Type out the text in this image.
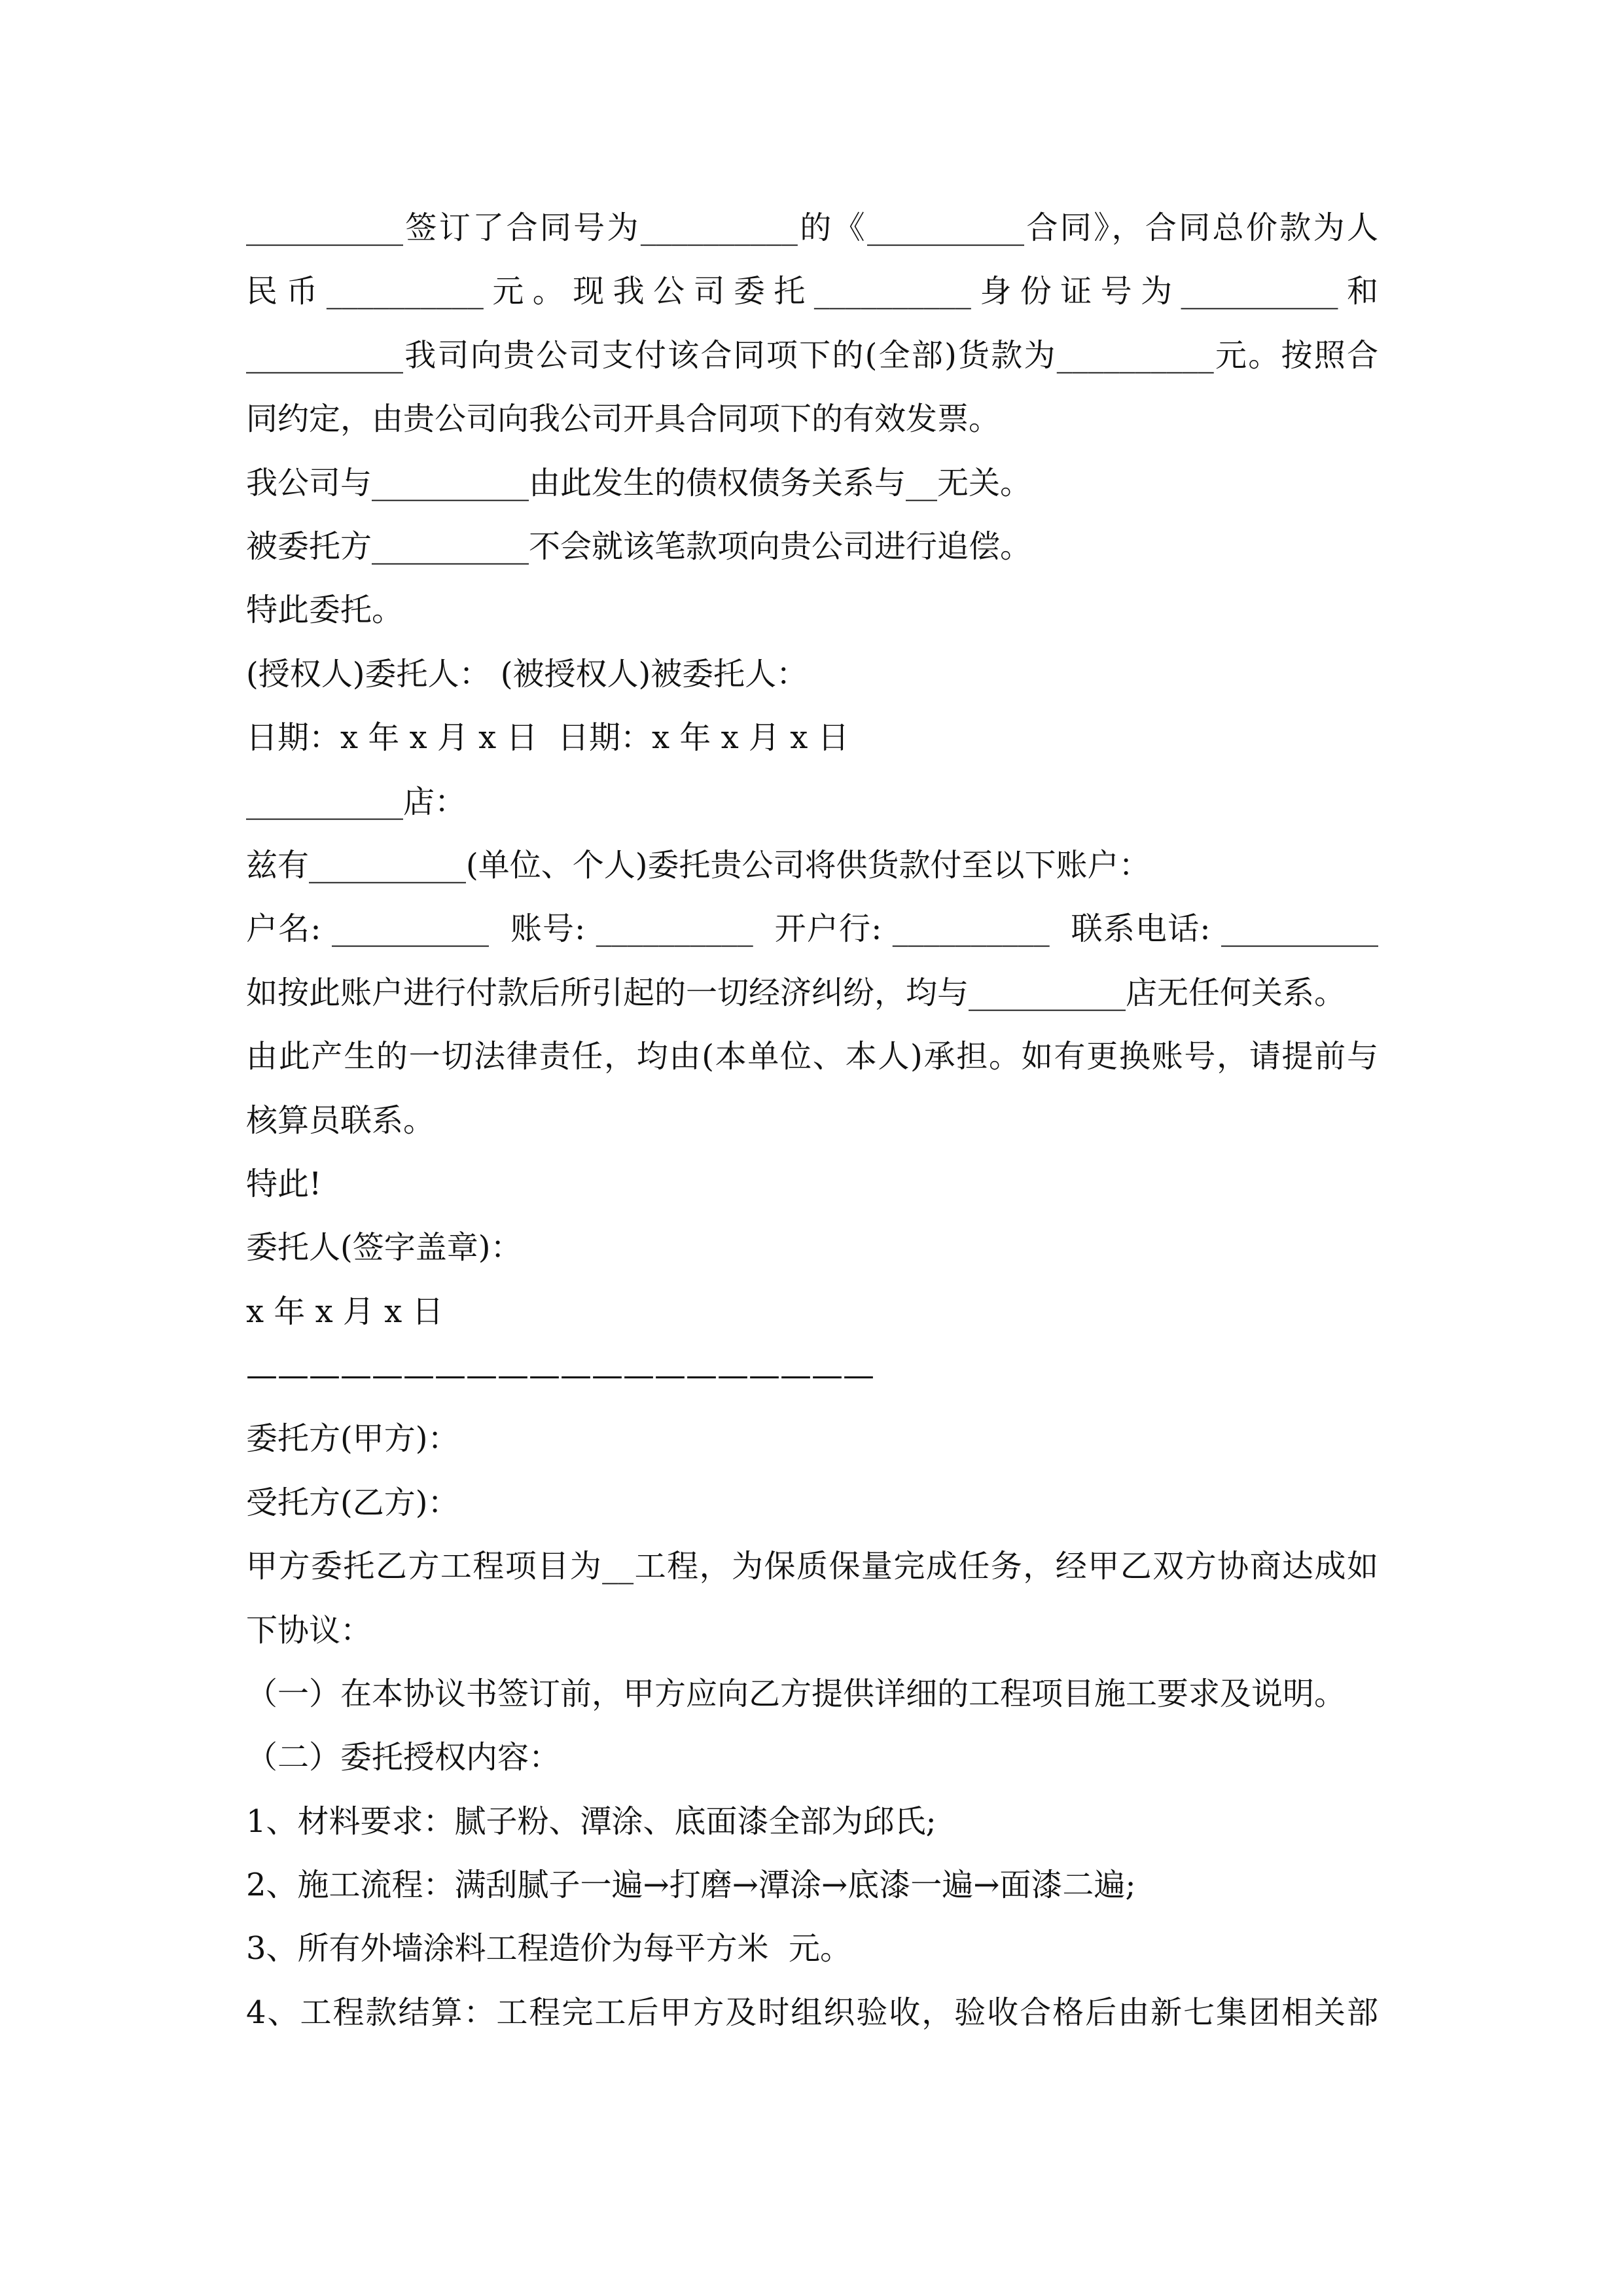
__________签订了合同号为__________的《__________合同》，合同总价款为人
民币__________元。现我公司委托__________身份证号为__________和
__________我司向贵公司支付该合同项下的(全部)货款为__________元。按照合
同约定，由贵公司向我公司开具合同项下的有效发票。
我公司与__________由此发生的债权债务关系与__无关。
被委托方__________不会就该笔款项向贵公司进行追偿。
特此委托。
(授权人)委托人： (被授权人)被委托人：
日期：x 年 x 月 x 日  日期：x 年 x 月 x 日
__________店：
兹有__________(单位、个人)委托贵公司将供货款付至以下账户：
户名: __________  账号: __________  开户行: __________  联系电话: __________
如按此账户进行付款后所引起的一切经济纠纷，均与__________店无任何关系。
由此产生的一切法律责任，均由(本单位、本人)承担。如有更换账号，请提前与
核算员联系。
特此!
委托人(签字盖章)：
x 年 x 月 x 日
————————————————————
委托方(甲方)：
受托方(乙方)：
甲方委托乙方工程项目为__工程，为保质保量完成任务，经甲乙双方协商达成如
下协议：
（一）在本协议书签订前，甲方应向乙方提供详细的工程项目施工要求及说明。
（二）委托授权内容：
1、材料要求：腻子粉、潭涂、底面漆全部为邱氏;
2、施工流程：满刮腻子一遍→打磨→潭涂→底漆一遍→面漆二遍;
3、所有外墙涂料工程造价为每平方米  元。
4、工程款结算：工程完工后甲方及时组织验收，验收合格后由新七集团相关部
